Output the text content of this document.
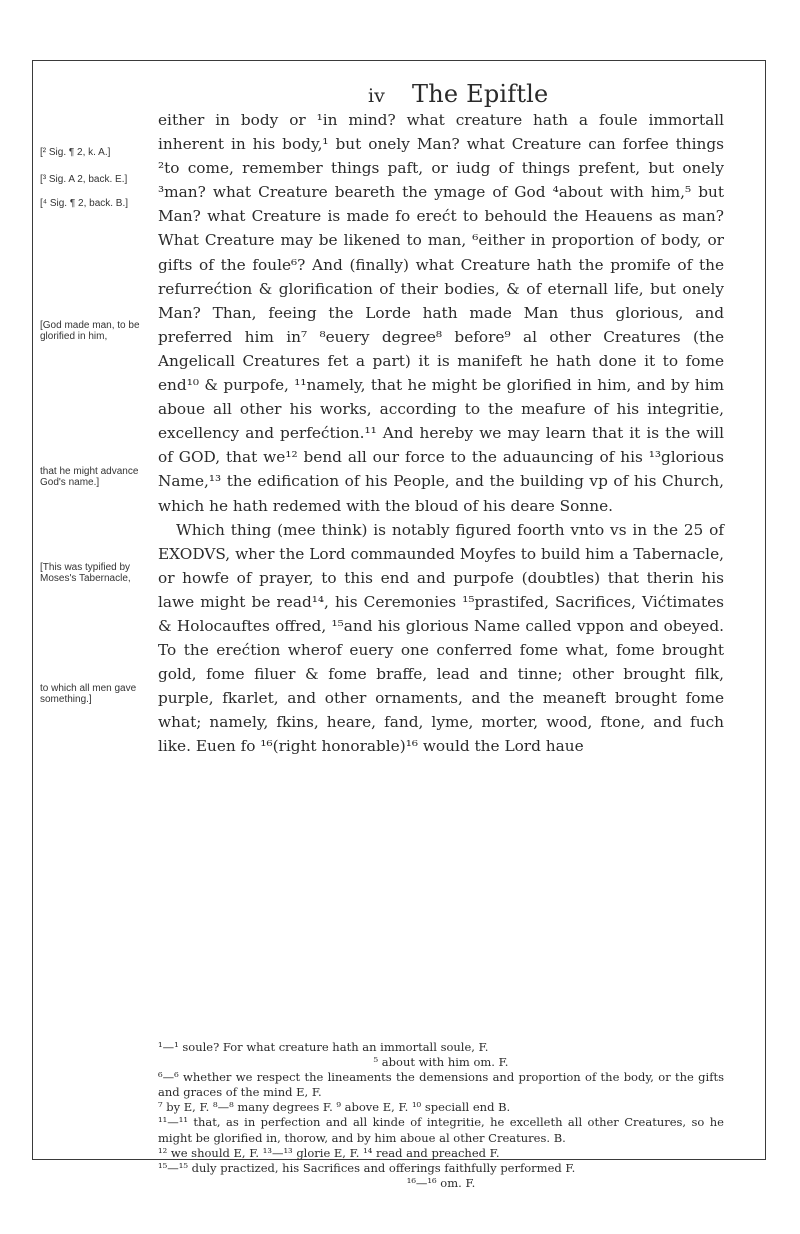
iv The Epiftle
[² Sig. ¶ 2, k. A.]
[³ Sig. A 2, back. E.]
[⁴ Sig. ¶ 2, back. B.]
[God made man, to be glorified in him,
that he might advance God's name.]
[This was typified by Moses's Tabernacle,
to which all men gave something.]

either in body or ¹in mind? what creature hath a foule immortall inherent in his body,¹ but onely Man? what Creature can forfee things ²to come, remember things paft, or iudg of things prefent, but onely ³man? what Creature beareth the ymage of God ⁴about with him,⁵ but Man? what Creature is made fo erećt to behould the Heauens as man? What Creature may be likened to man, ⁶either in proportion of body, or gifts of the foule⁶? And (finally) what Creature hath the promife of the refurrećtion & glorification of their bodies, & of eternall life, but onely Man? Than, feeing the Lorde hath made Man thus glorious, and preferred him in⁷ ⁸euery degree⁸ before⁹ al other Creatures (the Angelicall Creatures fet a part) it is manifeft he hath done it to fome end¹⁰ & purpofe, ¹¹namely, that he might be glorified in him, and by him aboue all other his works, according to the meafure of his integritie, excellency and perfećtion.¹¹ And hereby we may learn that it is the will of GOD, that we¹² bend all our force to the aduauncing of his ¹³glorious Name,¹³ the edification of his People, and the building vp of his Church, which he hath redemed with the bloud of his deare Sonne.

Which thing (mee think) is notably figured foorth vnto vs in the 25 of EXODVS, wher the Lord commaunded Moyfes to build him a Tabernacle, or howfe of prayer, to this end and purpofe (doubtles) that therin his lawe might be read¹⁴, his Ceremonies ¹⁵prastifed, Sacrifices, Vićtimates & Holocauftes offred, ¹⁵and his glorious Name called vppon and obeyed. To the erećtion wherof euery one conferred fome what, fome brought gold, fome filuer & fome braffe, lead and tinne; other brought filk, purple, fkarlet, and other ornaments, and the meaneft brought fome what; namely, fkins, heare, fand, lyme, morter, wood, ftone, and fuch like. Euen fo ¹⁶(right honorable)¹⁶ would the Lord haue

¹—¹ soule? For what creature hath an immortall soule, F.

⁵ about with him om. F.

⁶—⁶ whether we respect the lineaments the demensions and proportion of the body, or the gifts and graces of the mind E, F.

⁷ by E, F. ⁸—⁸ many degrees F. ⁹ above E, F. ¹⁰ speciall end B.

¹¹—¹¹ that, as in perfection and all kinde of integritie, he excelleth all other Creatures, so he might be glorified in, thorow, and by him aboue al other Creatures. B.

¹² we should E, F. ¹³—¹³ glorie E, F. ¹⁴ read and preached F.

¹⁵—¹⁵ duly practized, his Sacrifices and offerings faithfully performed F.

¹⁶—¹⁶ om. F.
